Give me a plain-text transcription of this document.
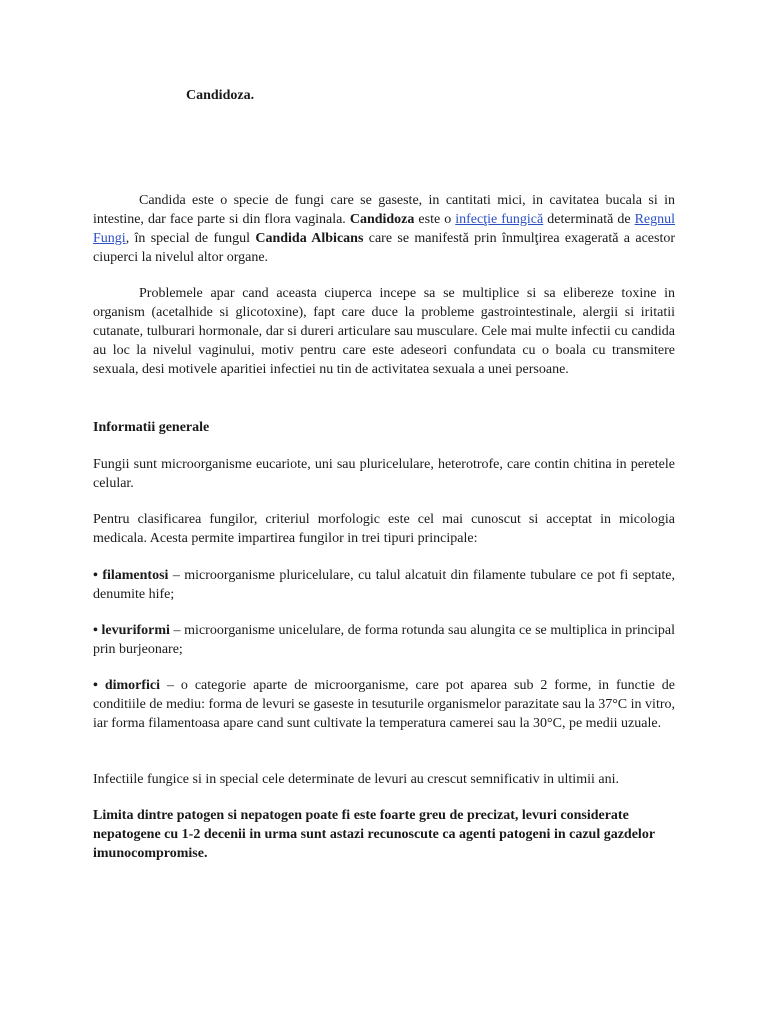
Candidoza.

Candida este o specie de fungi care se gaseste, in cantitati mici, in cavitatea bucala si in intestine, dar face parte si din flora vaginala. Candidoza este o infecţie fungică determinată de Regnul Fungi, în special de fungul Candida Albicans care se manifestă prin înmulţirea exagerată a acestor ciuperci la nivelul altor organe.

Problemele apar cand aceasta ciuperca incepe sa se multiplice si sa elibereze toxine in organism (acetalhide si glicotoxine), fapt care duce la probleme gastrointestinale, alergii si iritatii cutanate, tulburari hormonale, dar si dureri articulare sau musculare. Cele mai multe infectii cu candida au loc la nivelul vaginului, motiv pentru care este adeseori confundata cu o boala cu transmitere sexuala, desi motivele aparitiei infectiei nu tin de activitatea sexuala a unei persoane.

Informatii generale

Fungii sunt microorganisme eucariote, uni sau pluricelulare, heterotrofe, care contin chitina in peretele celular.

Pentru clasificarea fungilor, criteriul morfologic este cel mai cunoscut si acceptat in micologia medicala. Acesta permite impartirea fungilor in trei tipuri principale:

• filamentosi – microorganisme pluricelulare, cu talul alcatuit din filamente tubulare ce pot fi septate, denumite hife;

• levuriformi – microorganisme unicelulare, de forma rotunda sau alungita ce se multiplica in principal prin burjeonare;

• dimorfici – o categorie aparte de microorganisme, care pot aparea sub 2 forme, in functie de conditiile de mediu: forma de levuri se gaseste in tesuturile organismelor parazitate sau la 37°C in vitro, iar forma filamentoasa apare cand sunt cultivate la temperatura camerei sau la 30°C, pe medii uzuale.

Infectiile fungice si in special cele determinate de levuri au crescut semnificativ in ultimii ani.

Limita dintre patogen si nepatogen poate fi este foarte greu de precizat, levuri considerate nepatogene cu 1-2 decenii in urma sunt astazi recunoscute ca agenti patogeni in cazul gazdelor imunocompromise.
